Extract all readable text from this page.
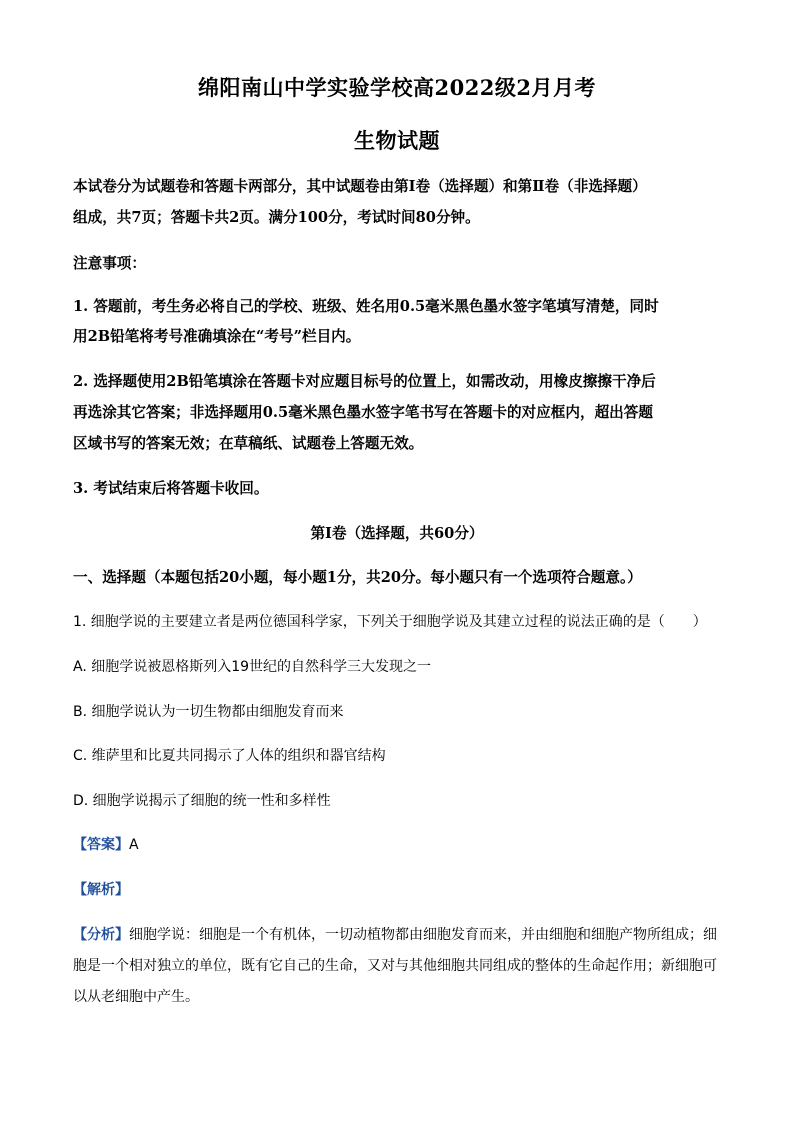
绵阳南山中学实验学校高2022级2月月考
生物试题
本试卷分为试题卷和答题卡两部分，其中试题卷由第Ⅰ卷（选择题）和第Ⅱ卷（非选择题）
组成，共7页；答题卡共2页。满分100分，考试时间80分钟。
注意事项：
1. 答题前，考生务必将自己的学校、班级、姓名用0.5毫米黑色墨水签字笔填写清楚，同时
用2B铅笔将考号准确填涂在“考号”栏目内。
2. 选择题使用2B铅笔填涂在答题卡对应题目标号的位置上，如需改动，用橡皮擦擦干净后
再选涂其它答案；非选择题用0.5毫米黑色墨水签字笔书写在答题卡的对应框内，超出答题
区域书写的答案无效；在草稿纸、试题卷上答题无效。
3. 考试结束后将答题卡收回。
第Ⅰ卷（选择题，共60分）
一、选择题（本题包括20小题，每小题1分，共20分。每小题只有一个选项符合题意。）
1. 细胞学说的主要建立者是两位德国科学家，下列关于细胞学说及其建立过程的说法正确的是（　　）
A. 细胞学说被恩格斯列入19世纪的自然科学三大发现之一
B. 细胞学说认为一切生物都由细胞发育而来
C. 维萨里和比夏共同揭示了人体的组织和器官结构
D. 细胞学说揭示了细胞的统一性和多样性
【答案】A
【解析】
【分析】细胞学说：细胞是一个有机体，一切动植物都由细胞发育而来，并由细胞和细胞产物所组成；细
胞是一个相对独立的单位，既有它自己的生命，又对与其他细胞共同组成的整体的生命起作用；新细胞可
以从老细胞中产生。
